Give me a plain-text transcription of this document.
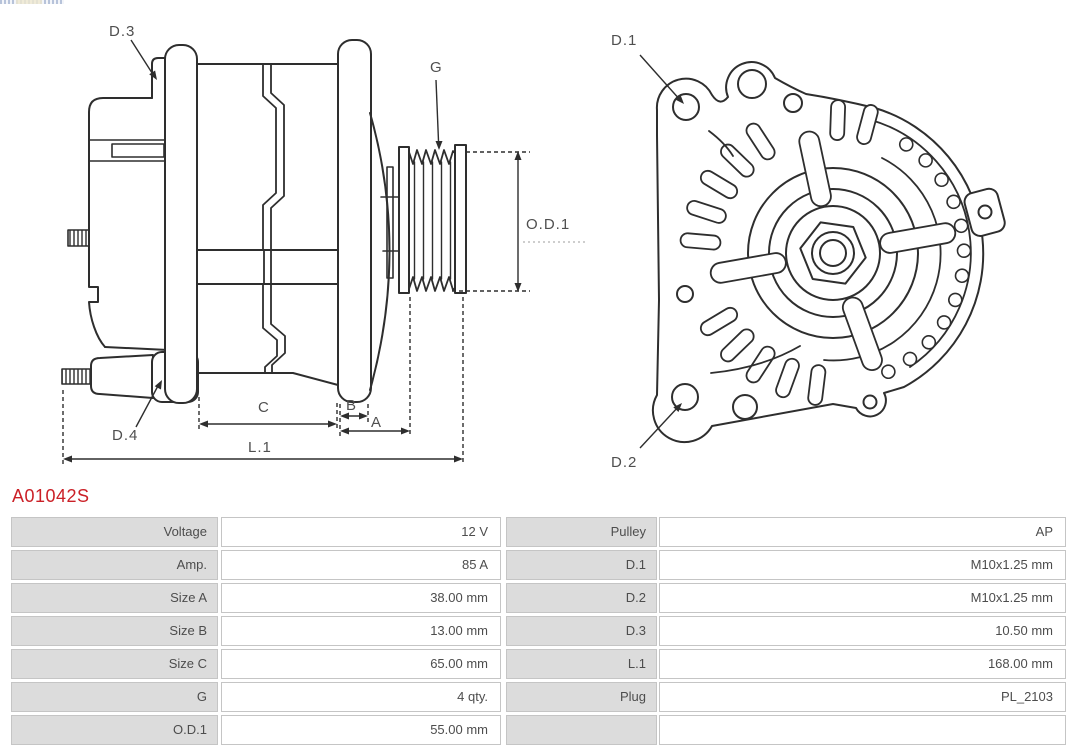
D.3
D.4
G
O.D.1
C	B
A
L.1
D.1
D.2
A01042S
Voltage	12 V	Pulley	AP
Amp.	85 A	D.1	M10x1.25 mm
Size A	38.00 mm	D.2	M10x1.25 mm
Size B	13.00 mm	D.3	10.50 mm
Size C	65.00 mm	L.1	168.00 mm
G	4 qty.	Plug	PL_2103
O.D.1	55.00 mm
